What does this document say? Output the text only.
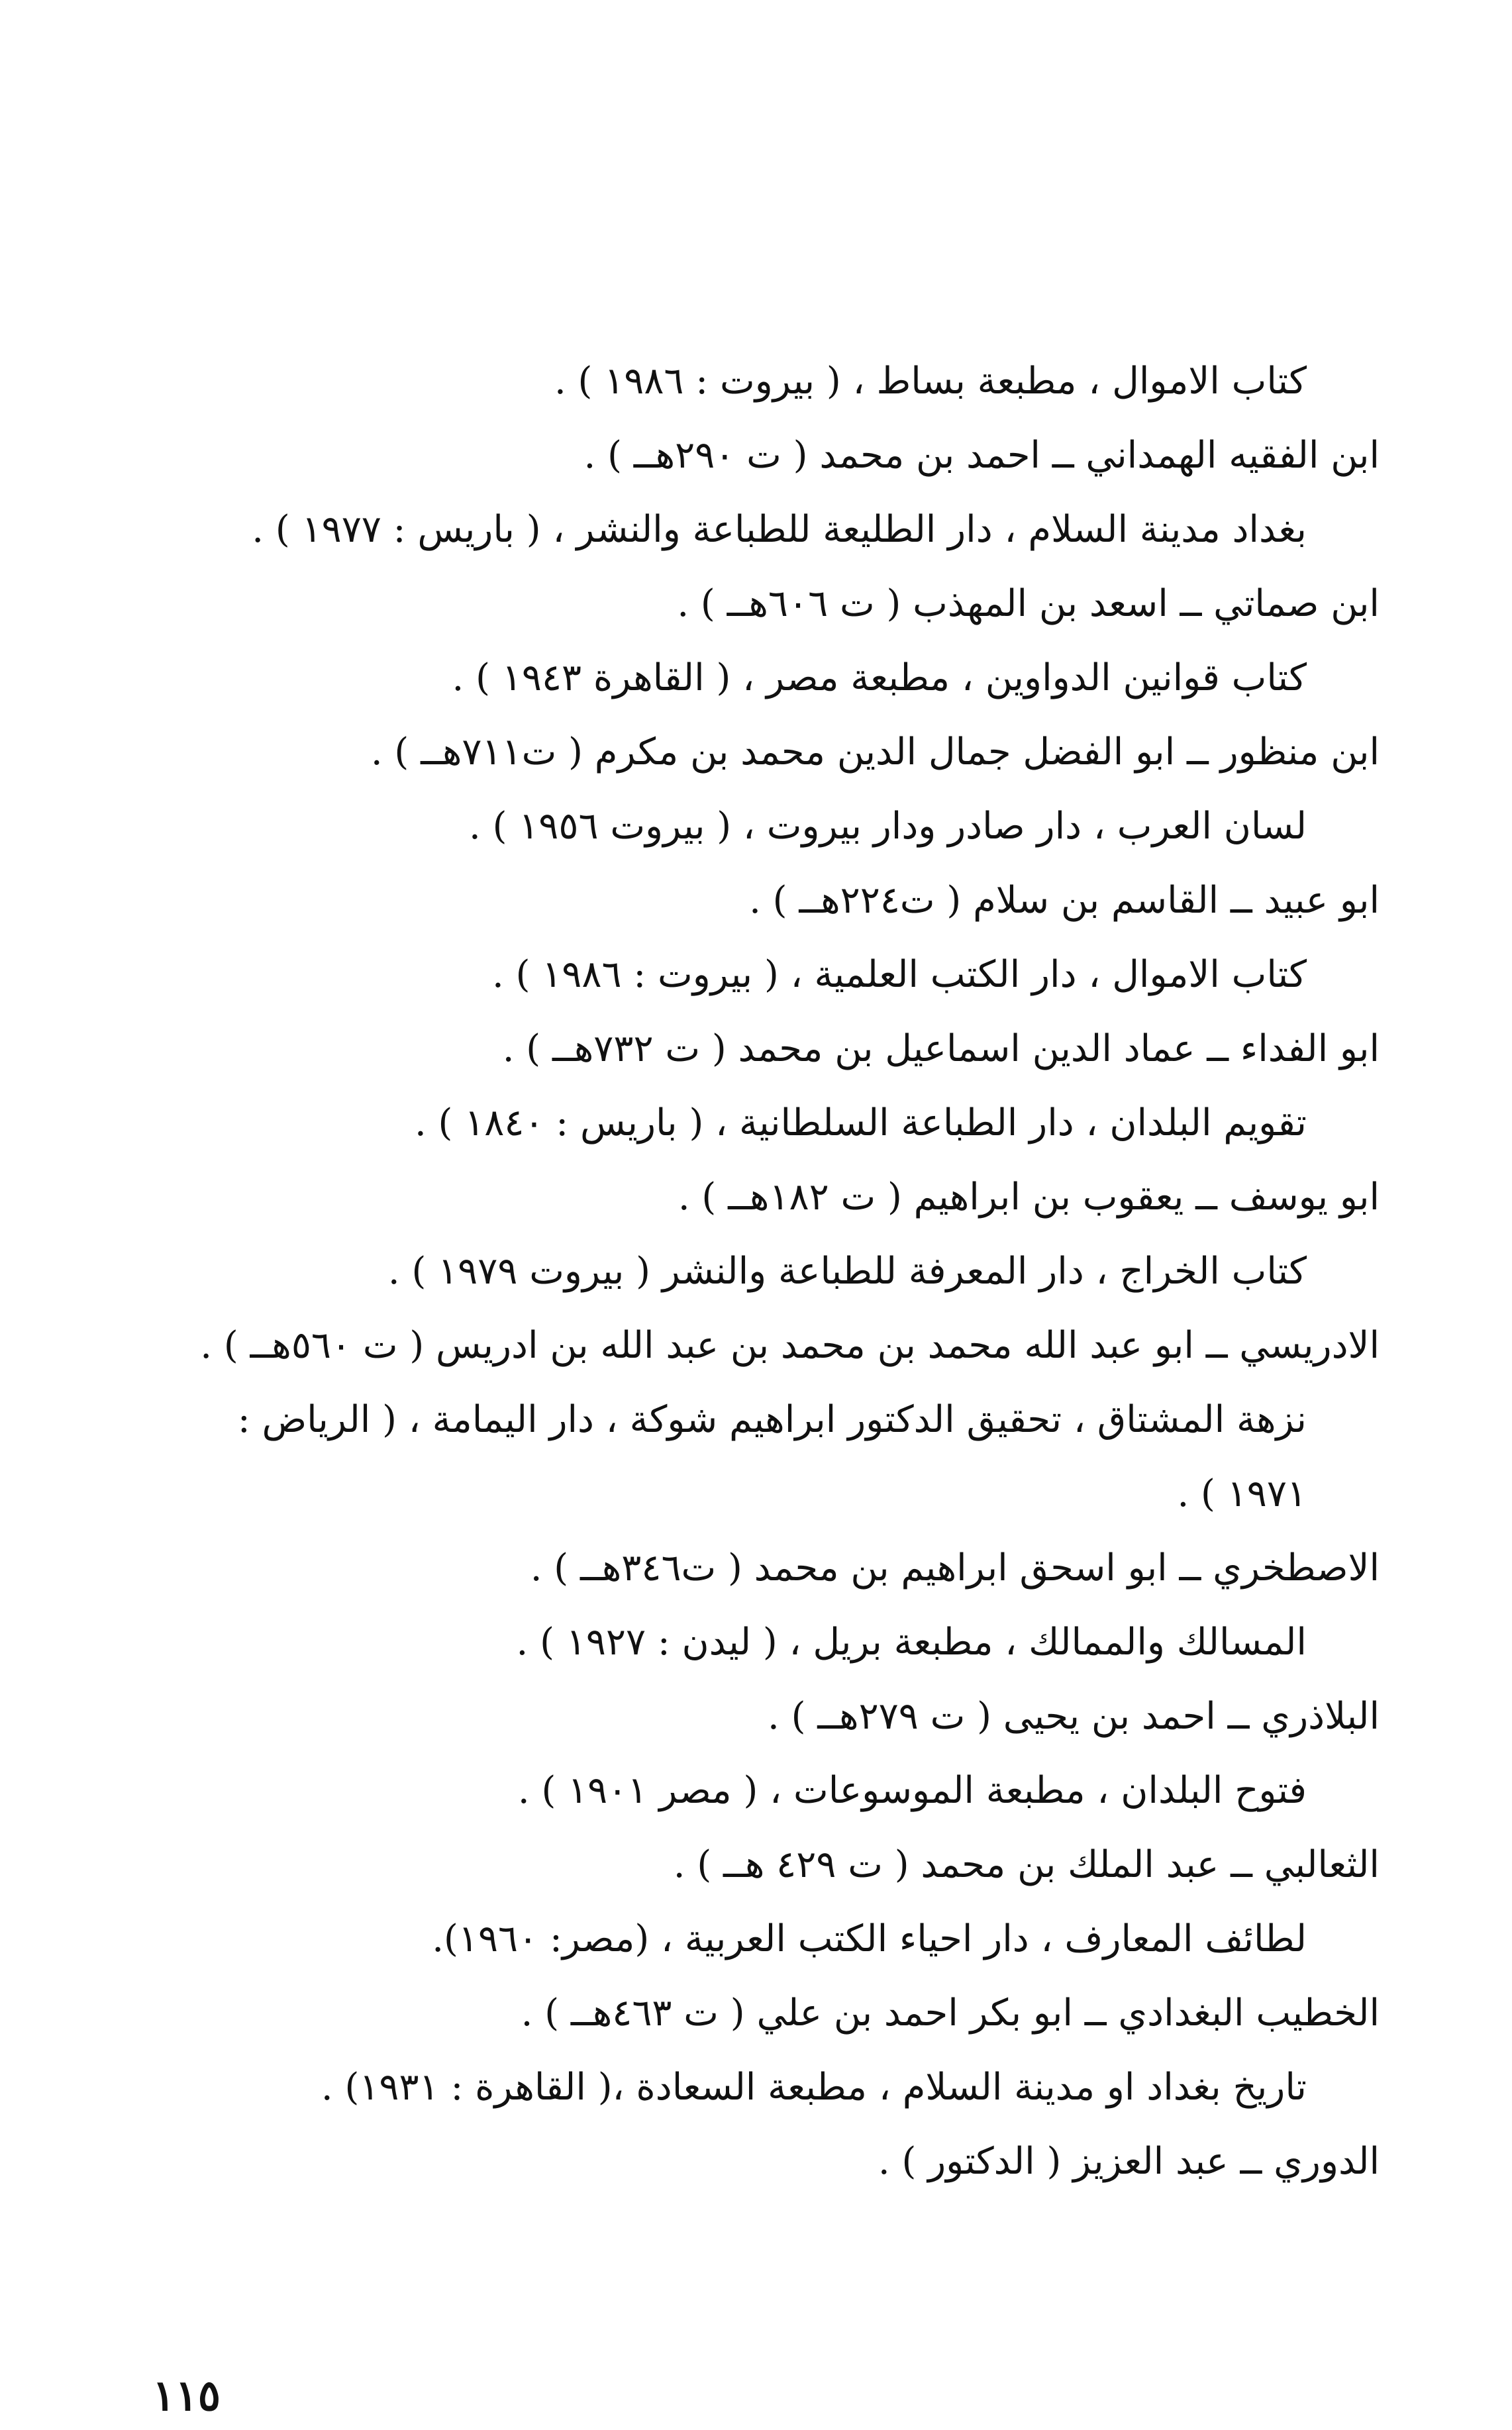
كتاب الاموال ، مطبعة بساط ، ( بيروت : ١٩٨٦ ) .
ابن الفقيه الهمداني ــ احمد بن محمد ( ت ٢٩٠هــ ) .
بغداد مدينة السلام ، دار الطليعة للطباعة والنشر ، ( باريس : ١٩٧٧ ) .
ابن صماتي ــ اسعد بن المهذب ( ت ٦٠٦هــ ) .
كتاب قوانين الدواوين ، مطبعة مصر ، ( القاهرة ١٩٤٣ ) .
ابن منظور ــ ابو الفضل جمال الدين محمد بن مكرم ( ت٧١١هــ ) .
لسان العرب ، دار صادر ودار بيروت ، ( بيروت ١٩٥٦ ) .
ابو عبيد ــ القاسم بن سلام ( ت٢٢٤هــ ) .
كتاب الاموال ، دار الكتب العلمية ، ( بيروت : ١٩٨٦ ) .
ابو الفداء ــ عماد الدين اسماعيل بن محمد ( ت ٧٣٢هــ ) .
تقويم البلدان ، دار الطباعة السلطانية ، ( باريس : ١٨٤٠ ) .
ابو يوسف ــ يعقوب بن ابراهيم ( ت ١٨٢هــ ) .
كتاب الخراج ، دار المعرفة للطباعة والنشر ( بيروت ١٩٧٩ ) .
الادريسي ــ ابو عبد الله محمد بن محمد بن عبد الله بن ادريس ( ت ٥٦٠هــ ) .
نزهة المشتاق ، تحقيق الدكتور ابراهيم شوكة ، دار اليمامة ، ( الرياض :
١٩٧١ ) .
الاصطخري ــ ابو اسحق ابراهيم بن محمد ( ت٣٤٦هــ ) .
المسالك والممالك ، مطبعة بريل ، ( ليدن : ١٩٢٧ ) .
البلاذري ــ احمد بن يحيى ( ت ٢٧٩هــ ) .
فتوح البلدان ، مطبعة الموسوعات ، ( مصر ١٩٠١ ) .
الثعالبي ــ عبد الملك بن محمد ( ت ٤٢٩ هــ ) .
لطائف المعارف ، دار احياء الكتب العربية ، (مصر: ١٩٦٠).
الخطيب البغدادي ــ ابو بكر احمد بن علي ( ت ٤٦٣هــ ) .
تاريخ بغداد او مدينة السلام ، مطبعة السعادة ،( القاهرة : ١٩٣١) .
الدوري ــ عبد العزيز ( الدكتور ) .
١١٥
